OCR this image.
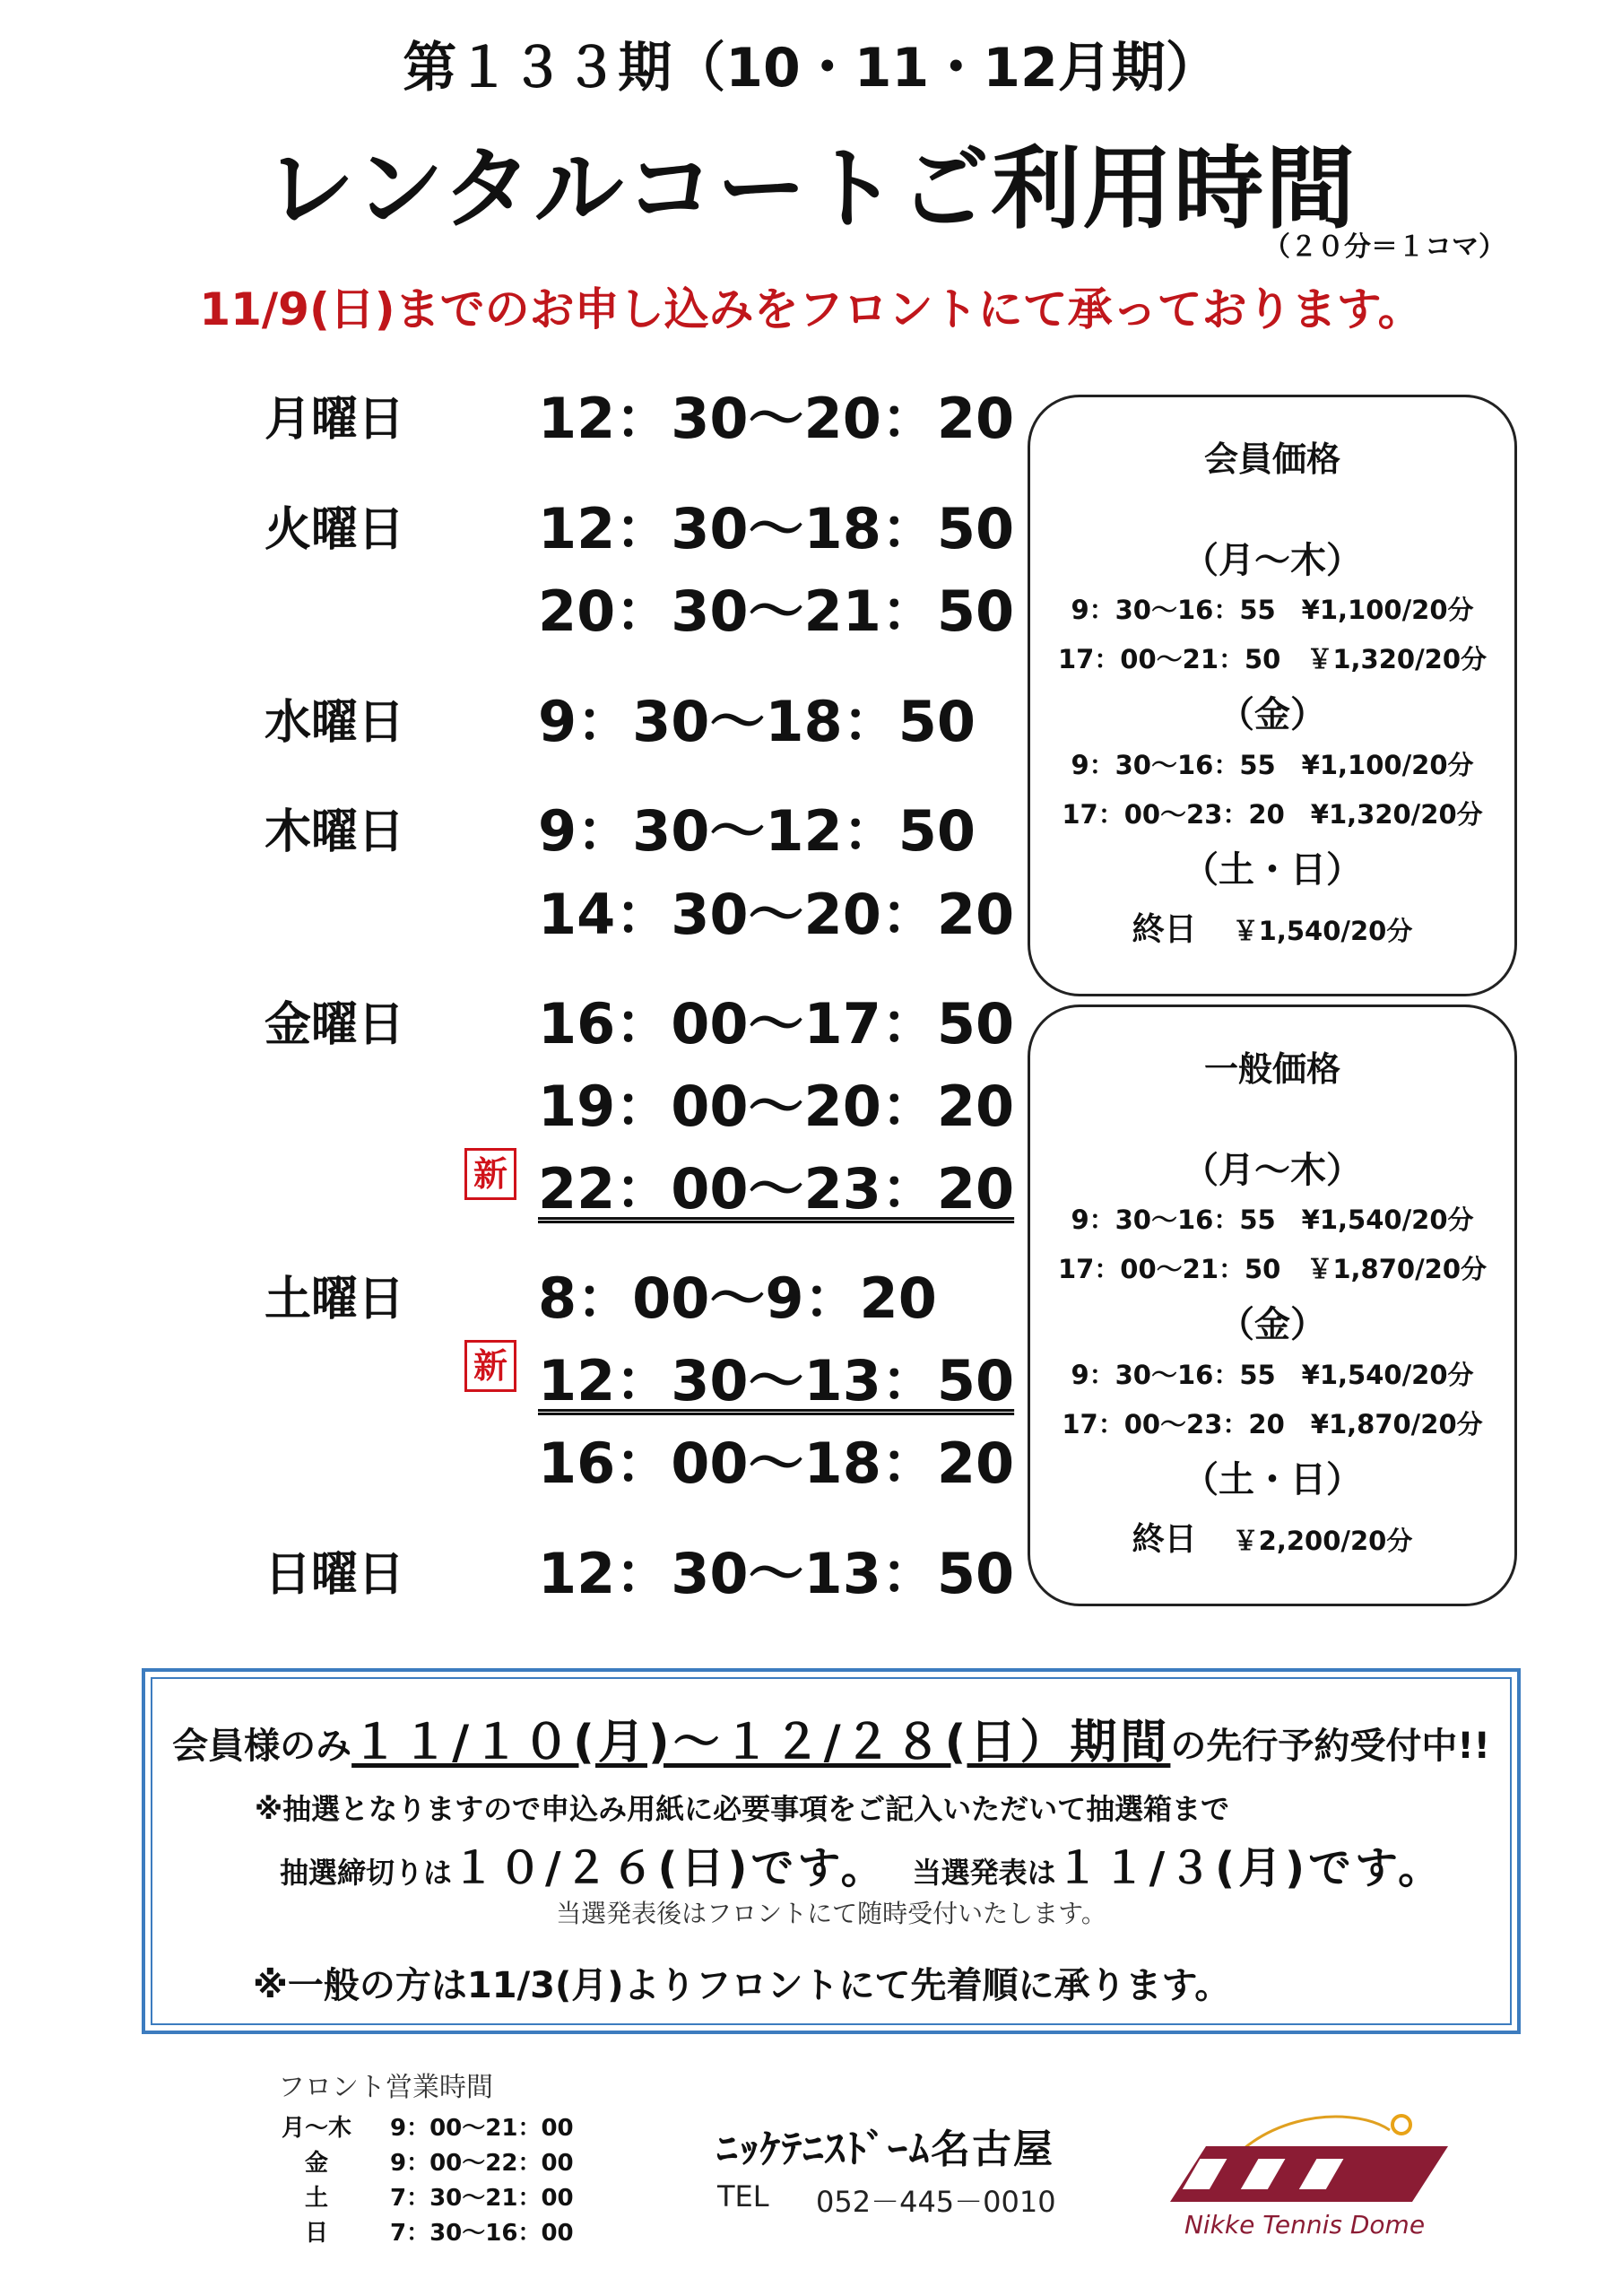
第１３３期（10・11・12月期）
レンタルコートご利用時間
（２０分＝１コマ）
11/9(日)までのお申し込みをフロントにて承っております。
月曜日 12：30〜20：20
火曜日 12：30〜18：50
20：30〜21：50
水曜日 9：30〜18：50
木曜日 9：30〜12：50
14：30〜20：20
金曜日 16：00〜17：50
19：00〜20：20
新 22：00〜23：20
土曜日 8：00〜9：20
新 12：30〜13：50
16：00〜18：20
日曜日 12：30〜13：50
会員価格
（月〜木）
9：30〜16：55　¥1,100/20分
17：00〜21：50　￥1,320/20分
（金）
9：30〜16：55　¥1,100/20分
17：00〜23：20　¥1,320/20分
（土・日）
終日 ￥1,540/20分
一般価格
（月〜木）
9：30〜16：55　¥1,540/20分
17：00〜21：50　￥1,870/20分
（金）
9：30〜16：55　¥1,540/20分
17：00〜23：20　¥1,870/20分
（土・日）
終日 ￥2,200/20分
会員様のみ１１/１０(月)〜１２/２８(日）期間の先行予約受付中!!
※抽選となりますので申込み用紙に必要事項をご記入いただいて抽選箱まで
抽選締切りは１０/２６(日)です。 当選発表は１１/３(月)です。
当選発表後はフロントにて随時受付いたします。
※一般の方は11/3(月)よりフロントにて先着順に承ります。
フロント営業時間
月〜木	9：00〜21：00
金	9：00〜22：00
土	7：30〜21：00
日	7：30〜16：00
ﾆｯｹﾃﾆｽﾄﾞｰﾑ名古屋
TEL 052－445－0010
Nikke Tennis Dome
